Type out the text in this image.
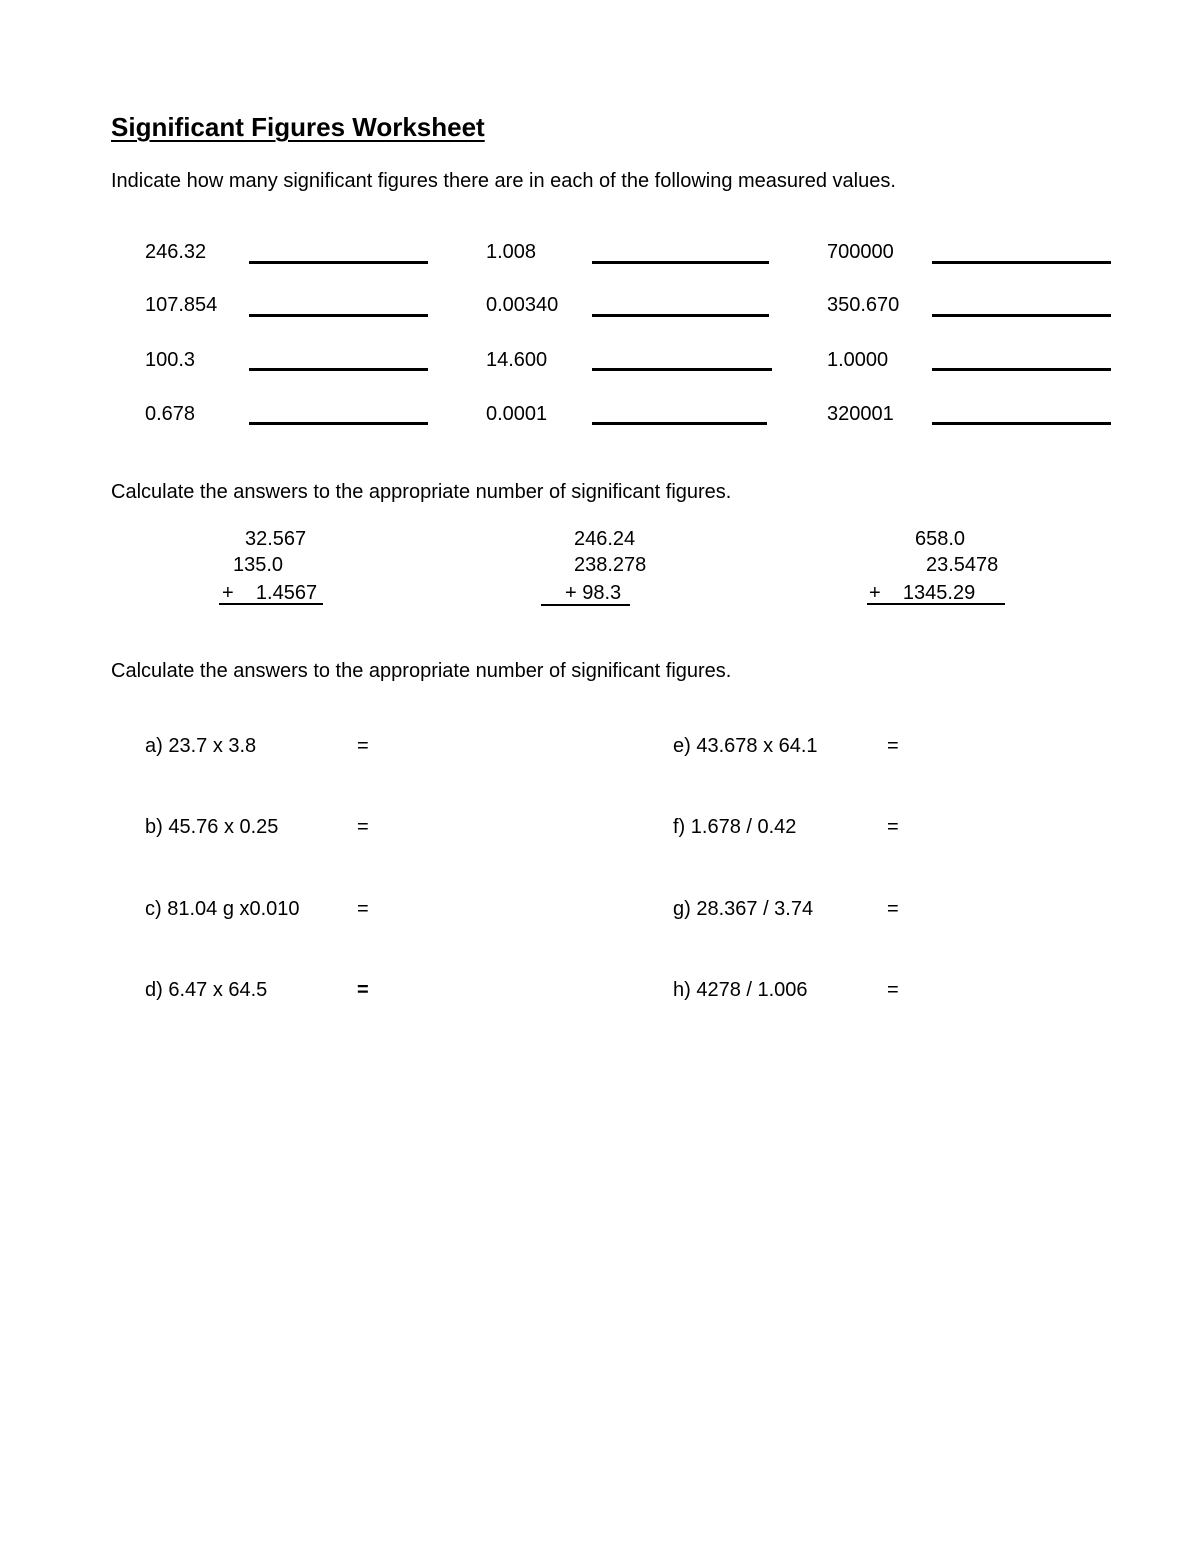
Significant Figures Worksheet
Indicate how many significant figures there are in each of the following measured values.
246.32	1.008	700000
107.854	0.00340	350.670
100.3	14.600	1.0000
0.678	0.0001	320001
Calculate the answers to the appropriate number of significant figures.
32.567
135.0
+    1.4567
246.24
238.278
+ 98.3
658.0
23.5478
+    1345.29
Calculate the answers to the appropriate number of significant figures.
a) 23.7 x 3.8	=
b) 45.76 x 0.25	=
c) 81.04 g x0.010	=
d) 6.47 x 64.5	=
e) 43.678 x 64.1	=
f) 1.678 / 0.42	=
g) 28.367 / 3.74	=
h) 4278 / 1.006	=
